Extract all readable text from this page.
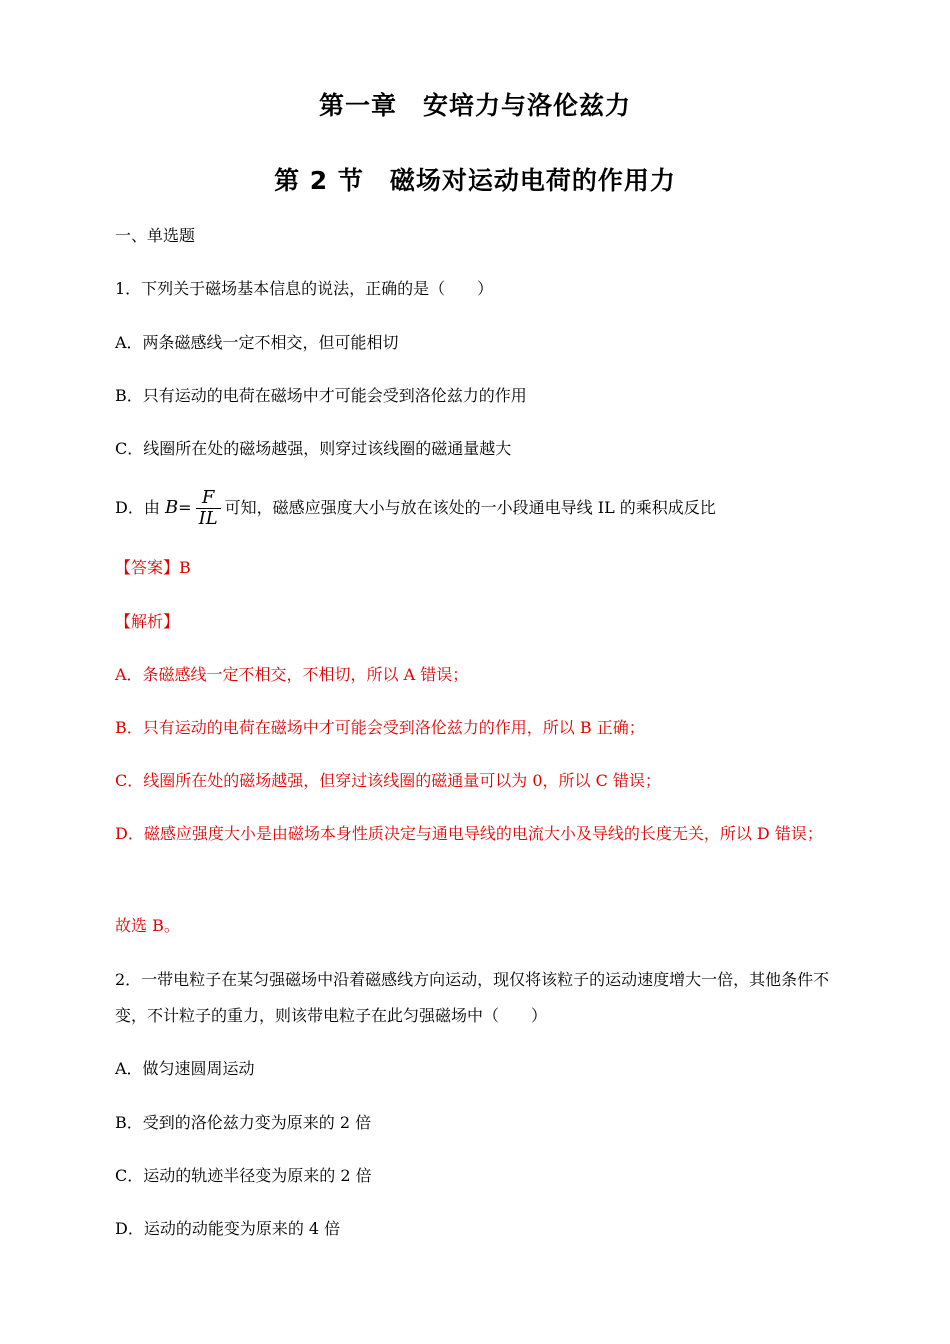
第一章　安培力与洛伦兹力
第 2 节　磁场对运动电荷的作用力
一、单选题
1．下列关于磁场基本信息的说法，正确的是（　　）
A．两条磁感线一定不相交，但可能相切
B．只有运动的电荷在磁场中才可能会受到洛伦兹力的作用
C．线圈所在处的磁场越强，则穿过该线圈的磁通量越大
D．由 $B= \frac{F}{IL}$ 可知，磁感应强度大小与放在该处的一小段通电导线 IL 的乘积成反比
【答案】B
【解析】
A．条磁感线一定不相交，不相切，所以 A 错误；
B．只有运动的电荷在磁场中才可能会受到洛伦兹力的作用，所以 B 正确；
C．线圈所在处的磁场越强，但穿过该线圈的磁通量可以为 0，所以 C 错误；
D．磁感应强度大小是由磁场本身性质决定与通电导线的电流大小及导线的长度无关，所以 D 错误；
故选 B。
2．一带电粒子在某匀强磁场中沿着磁感线方向运动，现仅将该粒子的运动速度增大一倍，其他条件不变，不计粒子的重力，则该带电粒子在此匀强磁场中（　　）
A．做匀速圆周运动
B．受到的洛伦兹力变为原来的 2 倍
C．运动的轨迹半径变为原来的 2 倍
D．运动的动能变为原来的 4 倍
